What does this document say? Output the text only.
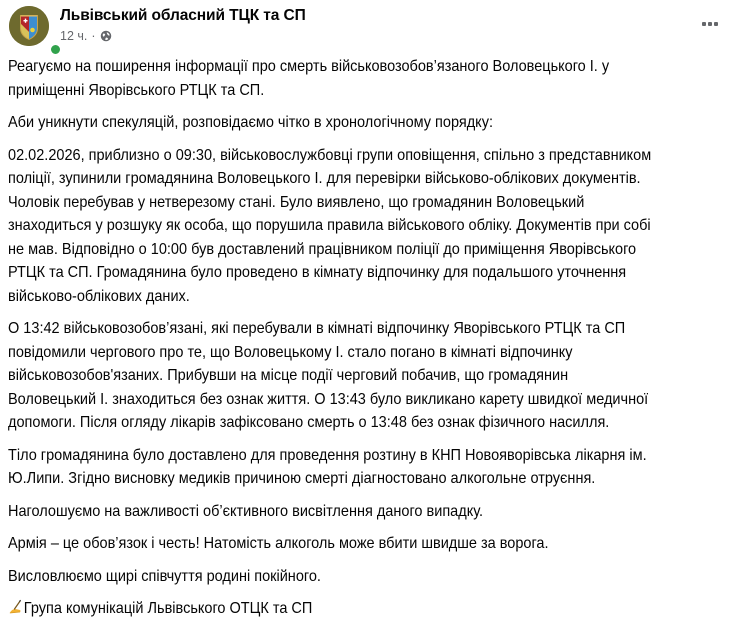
Львівський обласний ТЦК та СП
12 ч. ·

Реагуємо на поширення інформації про смерть військовозобов’язаного Воловецького І. у
приміщенні Яворівського РТЦК та СП.

Аби уникнути спекуляцій, розповідаємо чітко в хронологічному порядку:

02.02.2026, приблизно о 09:30, військовослужбовці групи оповіщення, спільно з представником
поліції, зупинили громадянина Воловецького І. для перевірки військово-облікових документів.
Чоловік перебував у нетверезому стані. Було виявлено, що громадянин Воловецький
знаходиться у розшуку як особа, що порушила правила військового обліку. Документів при собі
не мав. Відповідно о 10:00 був доставлений працівником поліції до приміщення Яворівського
РТЦК та СП. Громадянина було проведено в кімнату відпочинку для подальшого уточнення
військово-облікових даних.

О 13:42 військовозобов’язані, які перебували в кімнаті відпочинку Яворівського РТЦК та СП
повідомили чергового про те, що Воловецькому І. стало погано в кімнаті відпочинку
військовозобов'язаних. Прибувши на місце події черговий побачив, що громадянин
Воловецький І. знаходиться без ознак життя. О 13:43 було викликано карету швидкої медичної
допомоги. Після огляду лікарів зафіксовано смерть о 13:48 без ознак фізичного насилля.

Тіло громадянина було доставлено для проведення розтину в КНП Новояворівська лікарня ім.
Ю.Липи. Згідно висновку медиків причиною смерті діагностовано алкогольне отруєння.

Наголошуємо на важливості об’єктивного висвітлення даного випадку.

Армія – це обов’язок і честь! Натомість алкоголь може вбити швидше за ворога.

Висловлюємо щирі співчуття родині покійного.

Група комунікацій Львівського ОТЦК та СП
